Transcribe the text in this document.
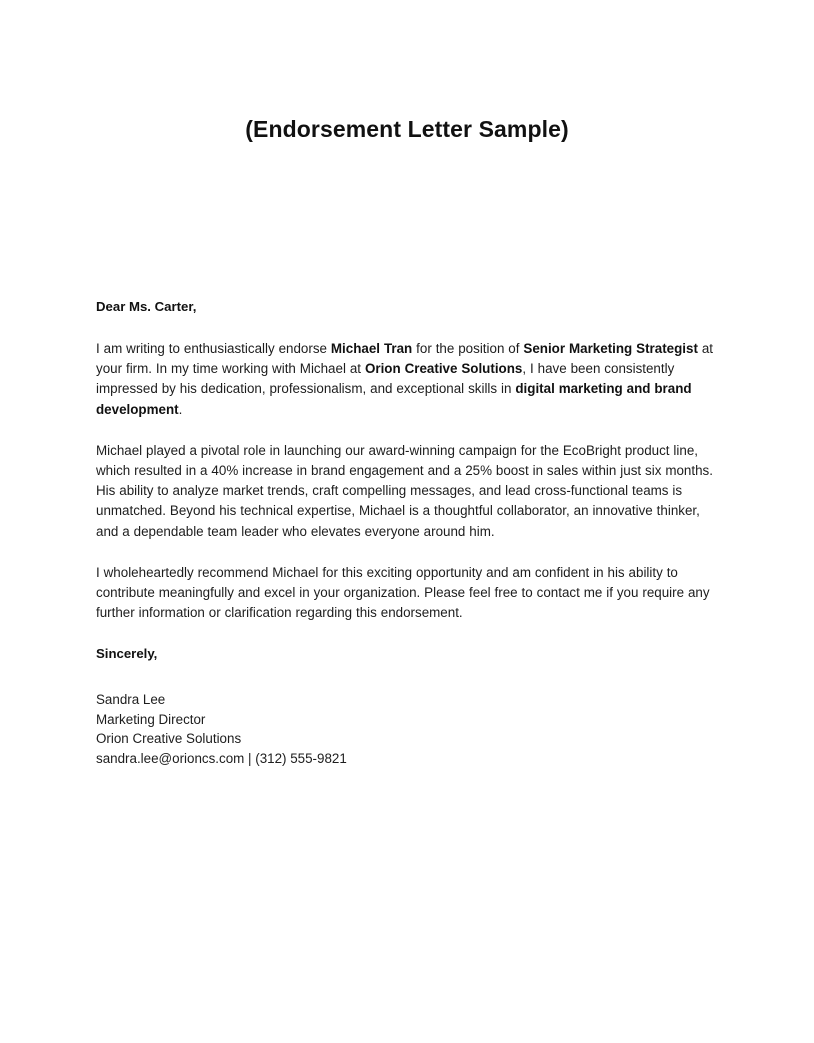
(Endorsement Letter Sample)
Dear Ms. Carter,

I am writing to enthusiastically endorse Michael Tran for the position of Senior Marketing Strategist at your firm. In my time working with Michael at Orion Creative Solutions, I have been consistently impressed by his dedication, professionalism, and exceptional skills in digital marketing and brand development.

Michael played a pivotal role in launching our award-winning campaign for the EcoBright product line, which resulted in a 40% increase in brand engagement and a 25% boost in sales within just six months. His ability to analyze market trends, craft compelling messages, and lead cross-functional teams is unmatched. Beyond his technical expertise, Michael is a thoughtful collaborator, an innovative thinker, and a dependable team leader who elevates everyone around him.

I wholeheartedly recommend Michael for this exciting opportunity and am confident in his ability to contribute meaningfully and excel in your organization. Please feel free to contact me if you require any further information or clarification regarding this endorsement.

Sincerely,
Sandra Lee
Marketing Director
Orion Creative Solutions
sandra.lee@orioncs.com | (312) 555-9821
